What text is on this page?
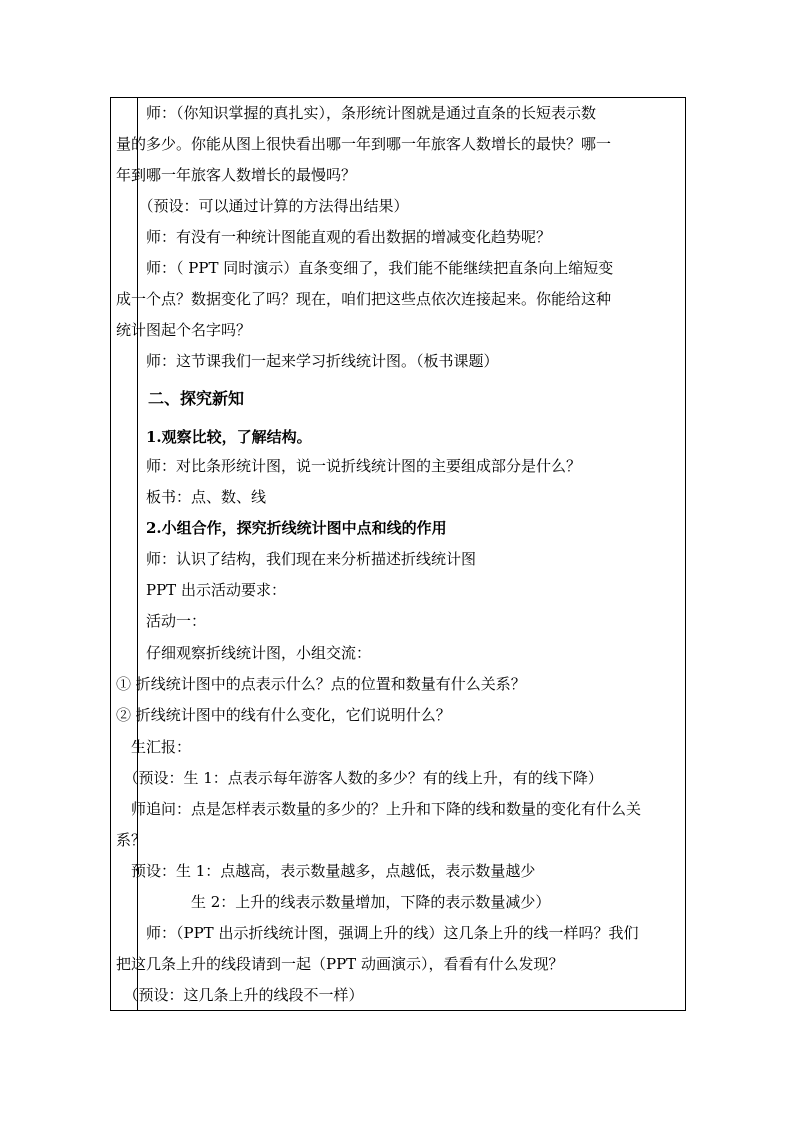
　　师：（你知识掌握的真扎实），条形统计图就是通过直条的长短表示数
量的多少。你能从图上很快看出哪一年到哪一年旅客人数增长的最快？哪一
年到哪一年旅客人数增长的最慢吗？
　　（预设：可以通过计算的方法得出结果）
　　师：有没有一种统计图能直观的看出数据的增减变化趋势呢？
　　师：（ PPT 同时演示）直条变细了，我们能不能继续把直条向上缩短变
成一个点？数据变化了吗？现在，咱们把这些点依次连接起来。你能给这种
统计图起个名字吗？
　　师：这节课我们一起来学习折线统计图。（板书课题）
　　二、探究新知
　　1.观察比较，了解结构。
　　师：对比条形统计图，说一说折线统计图的主要组成部分是什么？
　　板书：点、数、线
　　2.小组合作，探究折线统计图中点和线的作用
　　师：认识了结构，我们现在来分析描述折线统计图
　　PPT 出示活动要求：
　　活动一：
　　仔细观察折线统计图，小组交流：
① 折线统计图中的点表示什么？点的位置和数量有什么关系？
② 折线统计图中的线有什么变化，它们说明什么？
　生汇报：
　（预设：生 1：点表示每年游客人数的多少？有的线上升，有的线下降）
　师追问：点是怎样表示数量的多少的？上升和下降的线和数量的变化有什么关
系？
　预设：生 1：点越高，表示数量越多，点越低，表示数量越少
　　　　　生 2：上升的线表示数量增加，下降的表示数量减少）
　　师：（PPT 出示折线统计图，强调上升的线）这几条上升的线一样吗？我们
把这几条上升的线段请到一起（PPT 动画演示），看看有什么发现？
　（预设：这几条上升的线段不一样）
